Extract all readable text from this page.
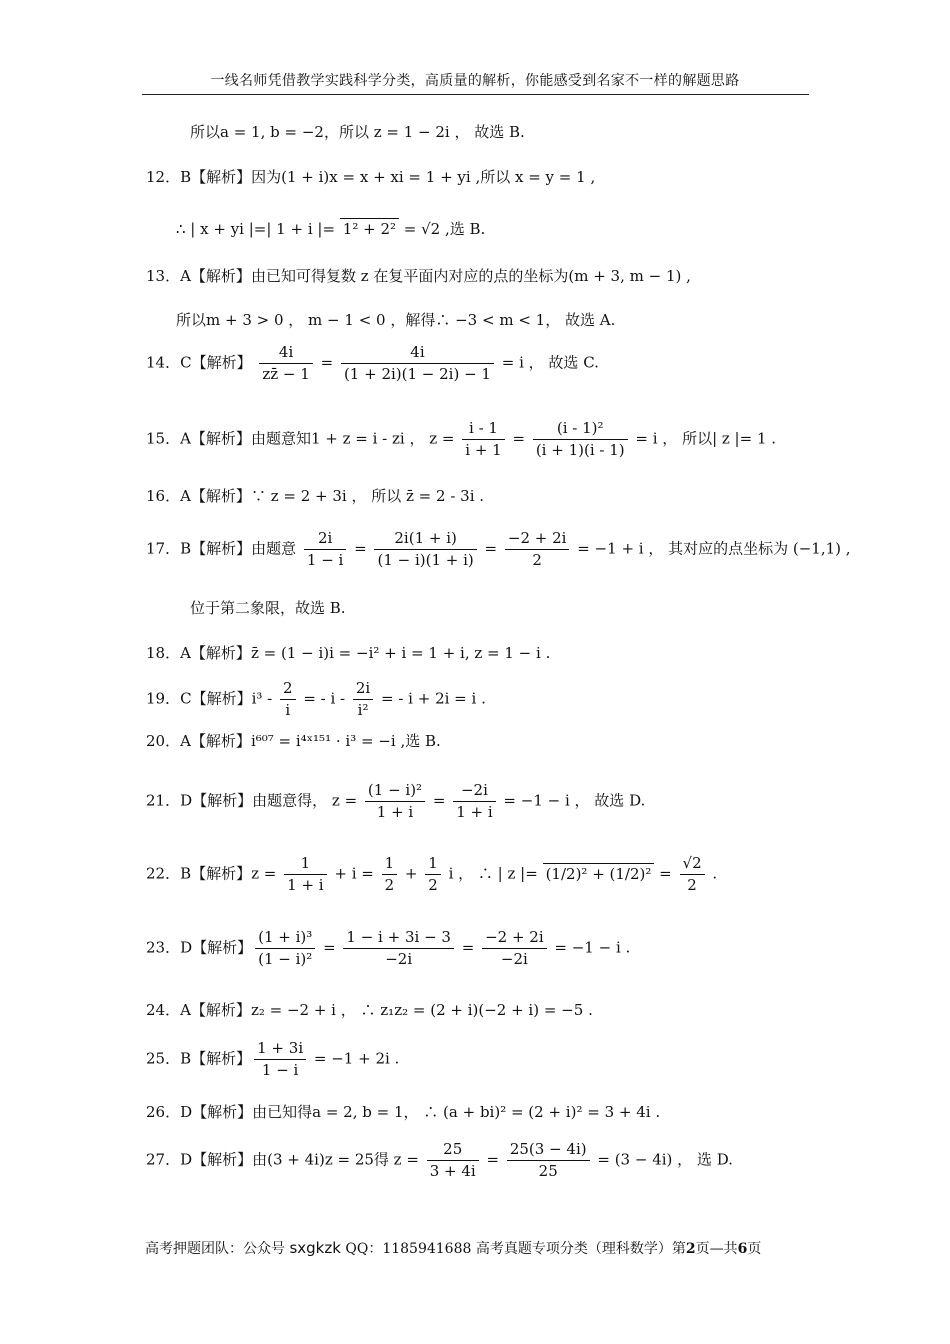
一线名师凭借教学实践科学分类，高质量的解析，你能感受到名家不一样的解题思路
所以a = 1, b = −2，所以 z = 1 − 2i ， 故选 B.
12．B【解析】因为(1 + i)x = x + xi = 1 + yi ,所以 x = y = 1 ,
∴ | x + yi |=| 1 + i |= 1² + 2² = √2 ,选 B.
13．A【解析】由已知可得复数 z 在复平面内对应的点的坐标为(m + 3, m − 1) ,
所以m + 3 > 0 ， m − 1 < 0 ，解得∴ −3 < m < 1， 故选 A.
14．C【解析】 $\frac{4i}{zz̄ - 1} = \frac{4i}{(1 + 2i)(1 - 2i) - 1} = i$ ， 故选 C.
15．A【解析】由题意知1 + z = i - zi ， $z = \frac{i - 1}{i + 1} = \frac{\text{(i - 1)²}}{(i + 1)(i - 1)} = i$ ， 所以| z |= 1 .
16．A【解析】∵ z = 2 + 3i ， 所以 z̄ = 2 - 3i .
17．B【解析】由题意 $\frac{2i}{1 - i} = \frac{2i(1 + i)}{(1 - i)(1 + i)} = \frac{-2 + 2i}{2} = -1 + i$ ， 其对应的点坐标为 (−1,1) ,
位于第二象限，故选 B.
18．A【解析】z̄ = (1 − i)i = −i² + i = 1 + i, z = 1 − i .
19．C【解析】$i^3 - \frac{2}{i}$ = - i - $\frac{2i}{\text{i²}}$ = - i + 2i = i .
20．A【解析】i⁶⁰⁷ = i⁴ˣ¹⁵¹ · i³ = −i ,选 B.
21．D【解析】由题意得， $z = \frac{\text{(1 − i)²}}{1 + i} = \frac{-2i}{1 + i} = -1 - i$ ， 故选 D.
22．B【解析】$z = \frac{1}{1 + i} + i = \frac{1}{2} + \frac{1}{2}$ i ， ∴ | z |= $(1/2)^2 + (1/2)^2 = \frac{√2}{2}$ .
23．D【解析】 $\frac{\text{(1 + i)³}}{\text{(1 − i)²}} = \frac{1 - i + 3i - 3}{-2i} = \frac{-2 + 2i}{-2i} = -1 - i$ .
24．A【解析】z₂ = −2 + i ， ∴ z₁z₂ = (2 + i)(−2 + i) = −5 .
25．B【解析】 $\frac{1 + 3i}{1 - i} = -1 + 2i$ .
26．D【解析】由已知得a = 2, b = 1， ∴ (a + bi)² = (2 + i)² = 3 + 4i .
27．D【解析】由(3 + 4i)z = 25得 $z = \frac{25}{3 + 4i} = \frac{25(3 - 4i)}{25} = (3 - 4i)$ ， 选 D.
高考押题团队：公众号 sxgkzk QQ：1185941688 高考真题专项分类（理科数学）第2页—共6页
